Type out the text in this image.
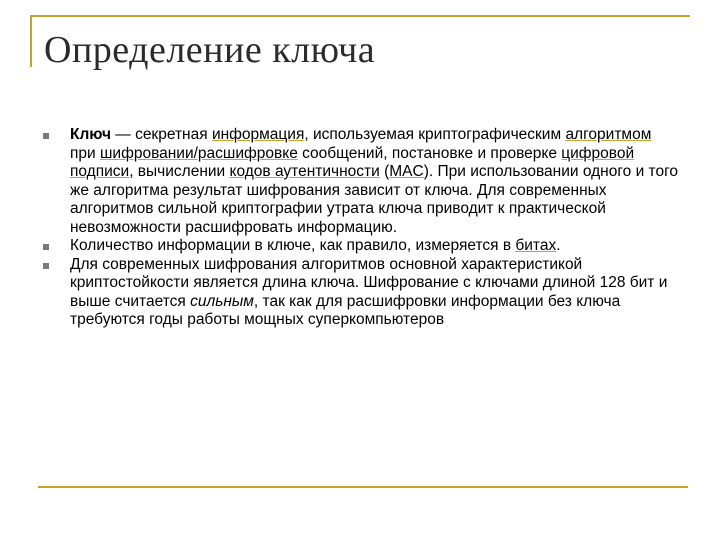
Определение ключа
Ключ — секретная информация, используемая криптографическим алгоритмом при шифровании/расшифровке сообщений, постановке и проверке цифровой подписи, вычислении кодов аутентичности (MAC). При использовании одного и того же алгоритма результат шифрования зависит от ключа. Для современных алгоритмов сильной криптографии утрата ключа приводит к практической невозможности расшифровать информацию.
Количество информации в ключе, как правило, измеряется в битах.
Для современных шифрования алгоритмов основной характеристикой криптостойкости является длина ключа. Шифрование с ключами длиной 128 бит и выше считается сильным, так как для расшифровки информации без ключа требуются годы работы мощных суперкомпьютеров
